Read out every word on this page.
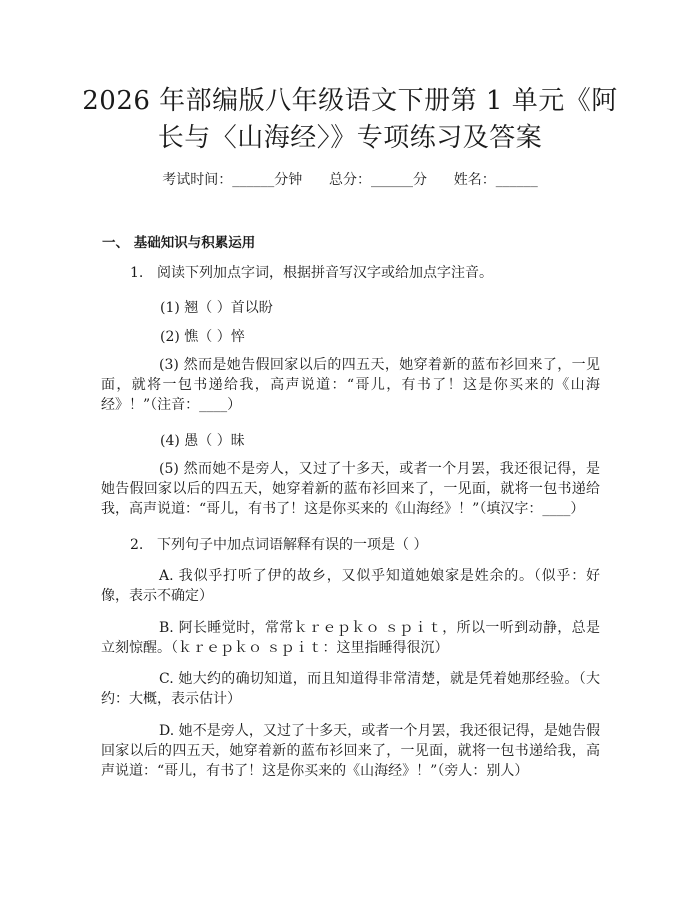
2026 年部编版八年级语文下册第 1 单元《阿
长与〈山海经〉》专项练习及答案
考试时间：______分钟      总分：______分      姓名：______
一、 基础知识与积累运用
1. 阅读下列加点字词，根据拼音写汉字或给加点字注音。
(1) 翘（ ）首以盼
(2) 憔（ ）悴
(3) 然而是她告假回家以后的四五天，她穿着新的蓝布衫回来了，一见面，就将一包书递给我，高声说道：“哥儿，有书了！这是你买来的《山海经》！”（注音：____）
(4) 愚（ ）昧
(5) 然而她不是旁人，又过了十多天，或者一个月罢，我还很记得，是她告假回家以后的四五天，她穿着新的蓝布衫回来了，一见面，就将一包书递给我，高声说道：“哥儿，有书了！这是你买来的《山海经》！”（填汉字：____）
2. 下列句子中加点词语解释有误的一项是（ ）
A. 我似乎打听了伊的故乡，又似乎知道她娘家是姓余的。（似乎：好像，表示不确定）
B. 阿长睡觉时，常常ｋｒｅｐｋｏ ｓｐｉｔ，所以一听到动静，总是立刻惊醒。（ｋｒｅｐｋｏ ｓｐｉｔ：这里指睡得很沉）
C. 她大约的确切知道，而且知道得非常清楚，就是凭着她那经验。（大约：大概，表示估计）
D. 她不是旁人，又过了十多天，或者一个月罢，我还很记得，是她告假回家以后的四五天，她穿着新的蓝布衫回来了，一见面，就将一包书递给我，高声说道：“哥儿，有书了！这是你买来的《山海经》！”（旁人：别人）
